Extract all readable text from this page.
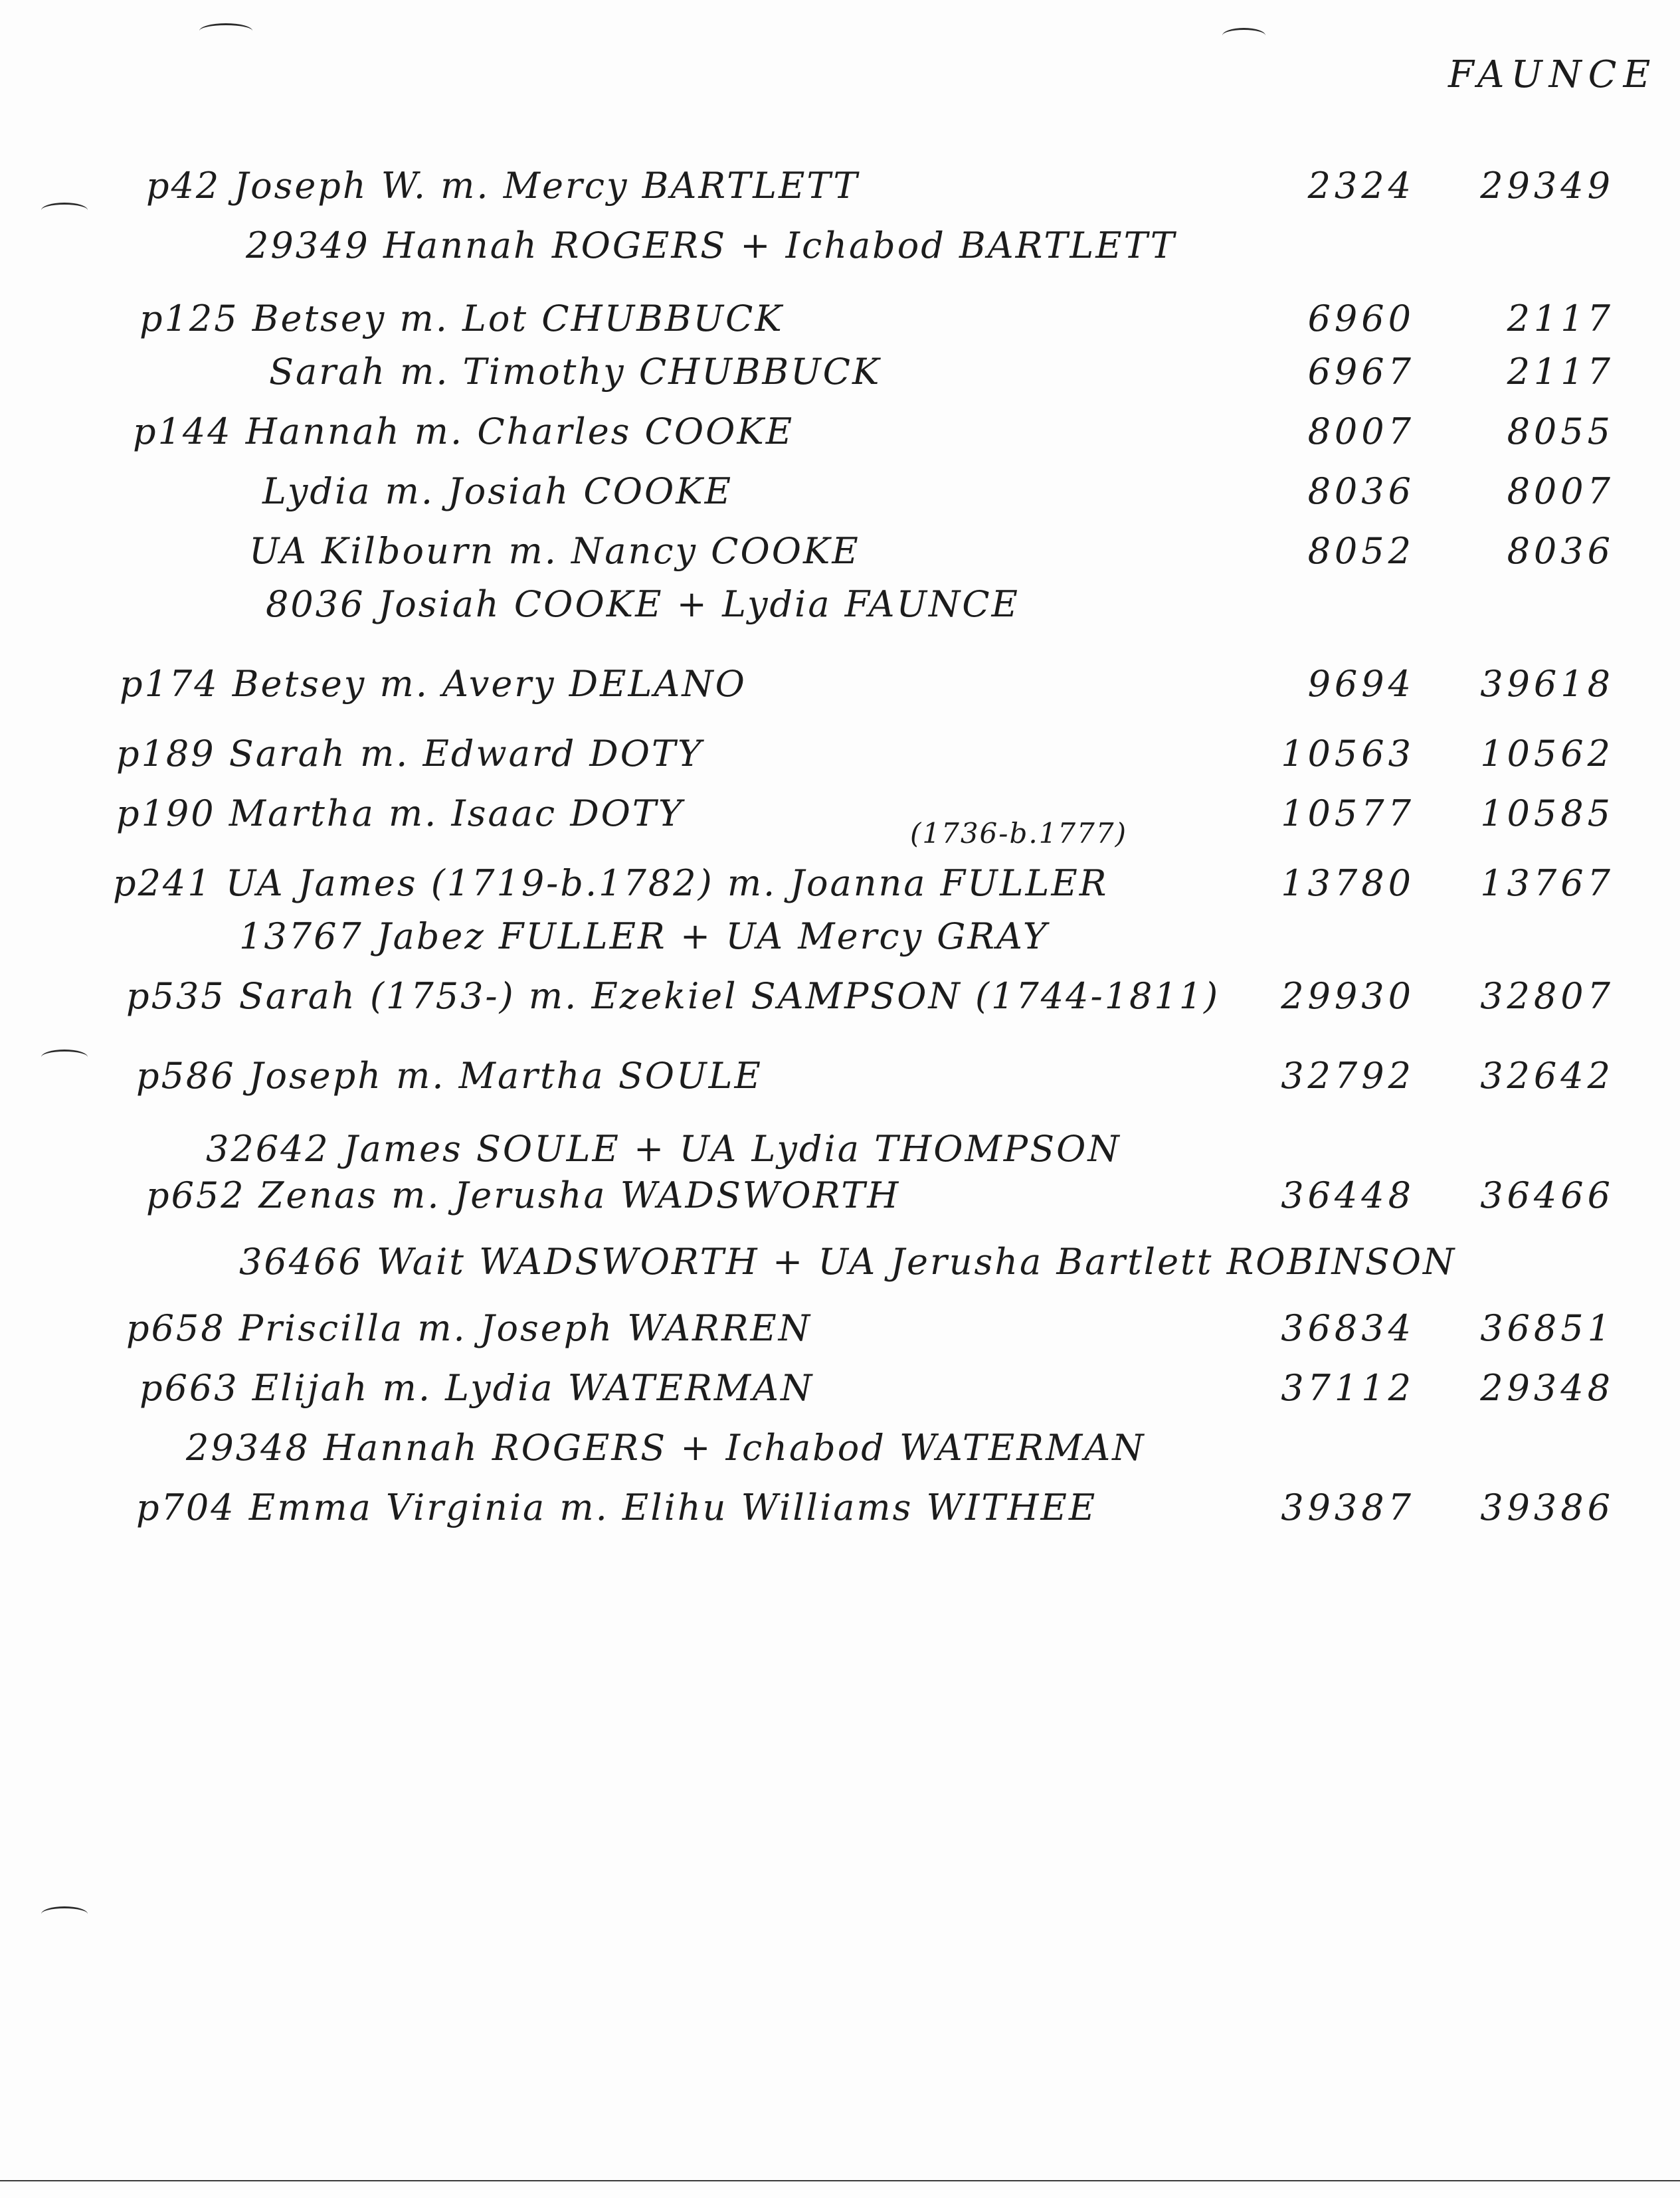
FAUNCE
p42 Joseph W. m. Mercy BARTLETT	2324	29349
29349 Hannah ROGERS + Ichabod BARTLETT
p125 Betsey m. Lot CHUBBUCK	6960	2117
Sarah m. Timothy CHUBBUCK	6967	2117
p144 Hannah m. Charles COOKE	8007	8055
Lydia m. Josiah COOKE	8036	8007
UA Kilbourn m. Nancy COOKE	8052	8036
8036 Josiah COOKE + Lydia FAUNCE
p174 Betsey m. Avery DELANO	9694	39618
p189 Sarah m. Edward DOTY	10563	10562
p190 Martha m. Isaac DOTY	10577	10585
(1736-b.1777)
p241 UA James (1719-b.1782) m. Joanna FULLER	13780	13767
13767 Jabez FULLER + UA Mercy GRAY
p535 Sarah (1753-) m. Ezekiel SAMPSON (1744-1811)	29930	32807
p586 Joseph m. Martha SOULE	32792	32642
32642 James SOULE + UA Lydia THOMPSON
p652 Zenas m. Jerusha WADSWORTH	36448	36466
36466 Wait WADSWORTH + UA Jerusha Bartlett ROBINSON
p658 Priscilla m. Joseph WARREN	36834	36851
p663 Elijah m. Lydia WATERMAN	37112	29348
29348 Hannah ROGERS + Ichabod WATERMAN
p704 Emma Virginia m. Elihu Williams WITHEE	39387	39386
